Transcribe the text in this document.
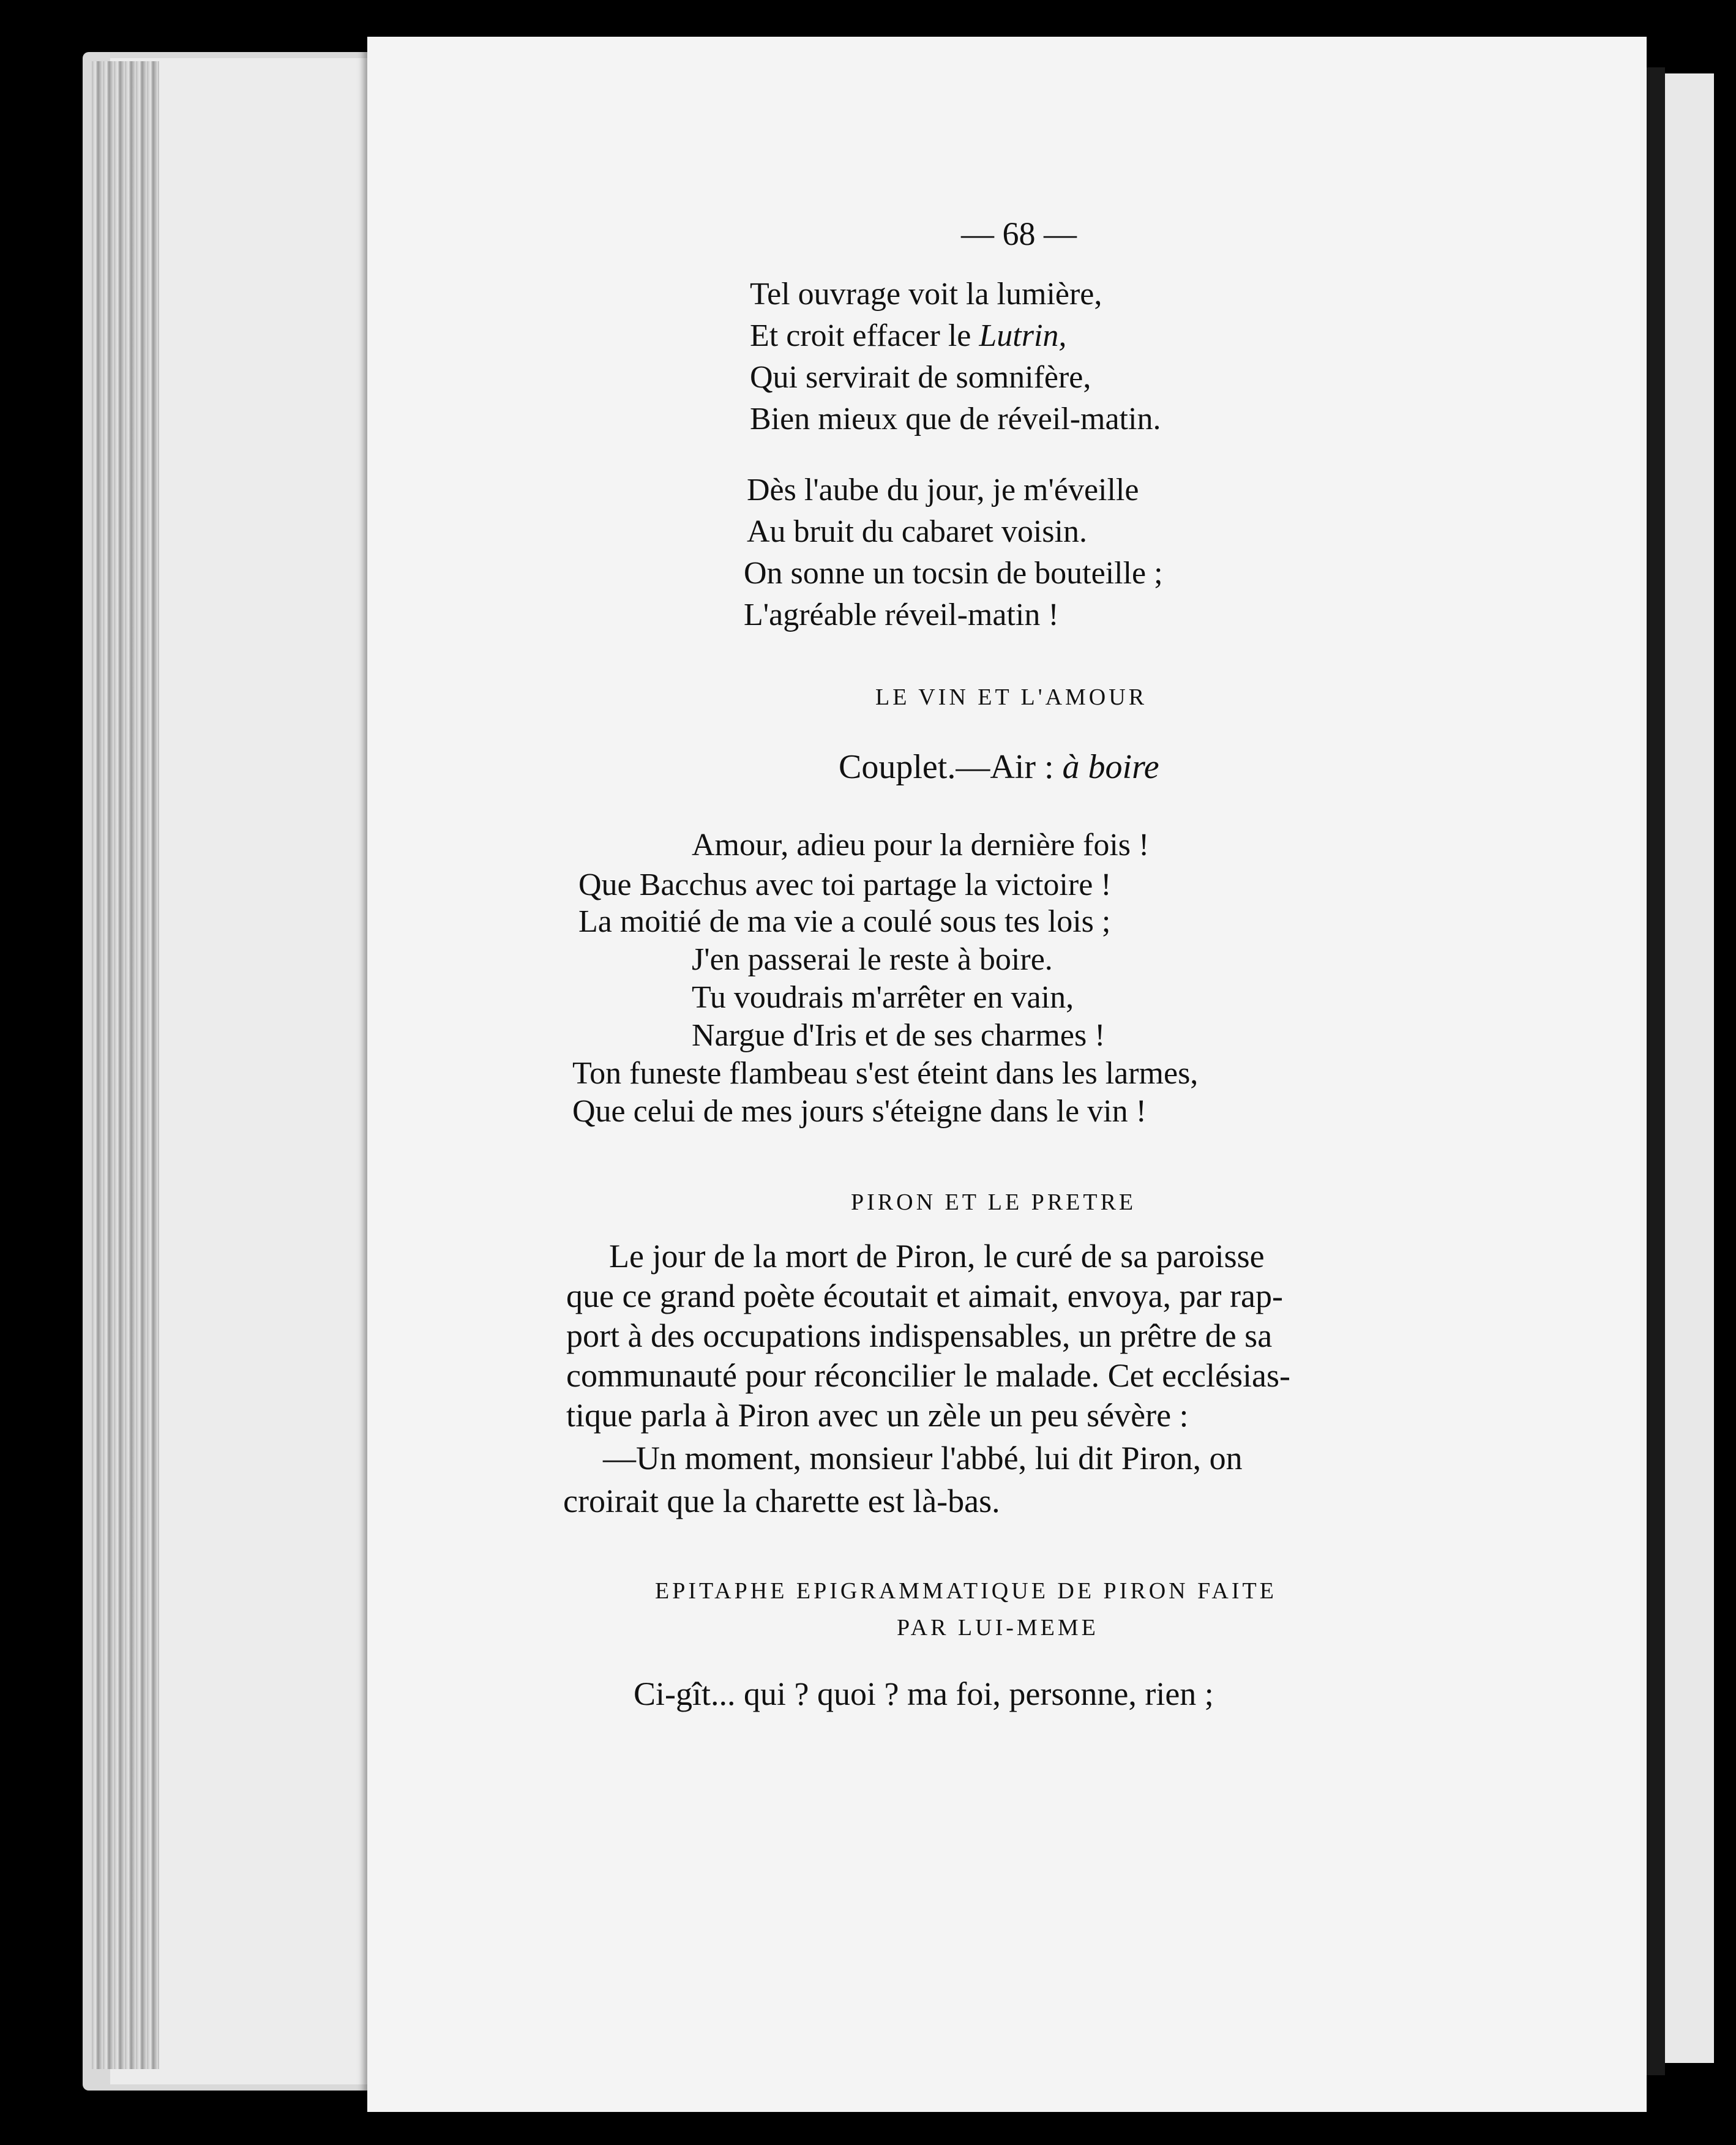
— 68 —
Tel ouvrage voit la lumière,
Et croit effacer le Lutrin,
Qui servirait de somnifère,
Bien mieux que de réveil-matin.
Dès l'aube du jour, je m'éveille
Au bruit du cabaret voisin.
On sonne un tocsin de bouteille ;
L'agréable réveil-matin !
LE VIN ET L'AMOUR
Couplet.—Air : à boire
Amour, adieu pour la dernière fois !
Que Bacchus avec toi partage la victoire !
La moitié de ma vie a coulé sous tes lois ;
J'en passerai le reste à boire.
Tu voudrais m'arrêter en vain,
Nargue d'Iris et de ses charmes !
Ton funeste flambeau s'est éteint dans les larmes,
Que celui de mes jours s'éteigne dans le vin !
PIRON ET LE PRETRE
Le jour de la mort de Piron, le curé de sa paroisse
que ce grand poète écoutait et aimait, envoya, par rap-
port à des occupations indispensables, un prêtre de sa
communauté pour réconcilier le malade. Cet ecclésias-
tique parla à Piron avec un zèle un peu sévère :
—Un moment, monsieur l'abbé, lui dit Piron, on
croirait que la charette est là-bas.
EPITAPHE EPIGRAMMATIQUE DE PIRON FAITE
PAR LUI-MEME
Ci-gît... qui ? quoi ? ma foi, personne, rien ;
